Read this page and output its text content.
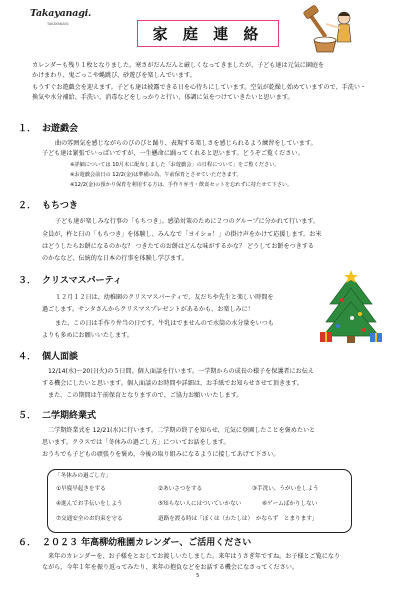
Takayanagi.
TAKAYANAGI
家 庭 連 絡
カレンダーも残り１枚となりました。寒さがだんだんと厳しくなってきましたが、子ども達は元気に園庭を
かけまわり、鬼ごっこや縄跳び、砂遊びを楽しんでいます。
もうすぐお遊戯会を迎えます。子ども達は披露できる日を心待ちにしています。空気が乾燥し始めていますので、手洗い・
換気や水分補給、手洗い、消毒などをしっかりと行い、体調に気をつけていきたいと思います。
１． お遊戯会
曲の雰囲気を感じながらのびのびと踊り、表現する楽しさを感じられるよう練習をしています。
子ども達は緊張でいっぱいですが、一生懸命に踊ってくれると思います。どうぞご覧ください。
※詳細については 10月末に配布しました「お遊戯会」の日程について」をご覧ください。
※お遊戯会前日の 12/2(金)は準備の為、午前保育とさせていただきます。
※12/2(金)の預かり保育を利用する方は、手作り弁当・飲食セットを忘れずに持たせて下さい。
２． もちつき
子ども達が楽しみな行事の「もちつき」。感染対策のために２つのグループに分かれて行います。
全員が、杵と臼の「もちつき」を体験し、みんなで「ヨイショ！」の掛け声をかけて応援します。お米
はどうしたらお餅になるのかな？ つきたてのお餅はどんな味がするかな？ どうしてお餅をつきする
のかななど、伝統的な日本の行事を体験し学びます。
３． クリスマスパーティ
１２月１２日は、幼稚園のクリスマスパーティで、友だちや先生と楽しい時間を
過ごします。サンタさんからクリスマスプレゼントがあるかも、お楽しみに！
また、この日は手作り弁当の日です。牛乳はでませんので水筒の水分量をいつも
よりも多めにお願いいたします。
４． 個人面談
12/14(水)～20日(火)の５日間、個人面談を行います。一学期からの成長の様子を保護者にお伝え
する機会にしたいと思います。個人面談のお時間や詳細は、お手紙でお知らせさせて頂きます。
また、この期間は午前保育となりますので、ご協力お願いいたします。
５． 二学期終業式
二学期終業式を 12/21(水)に行います。二学期の終了を知らせ、元気に登園したことを褒めたいと
思います。クラスでは「冬休みの過ごし方」についてお話をします。
おうちでも子どもの頑張りを褒め、今後の取り組みになるように接してあげて下さい。
「冬休みの過ごし方」
①早寝早起きをする	②あいさつをする	③手洗い、うがいをしよう
④進んでお手伝いをしよう	⑤知らない人にはついていかない	⑥ゲームばかりしない
⑦交通安全のお約束を守る	道路を渡る時は「ぼくは（わたしは）　かならず　とまります」
６． ２０２３ 年高柳幼稚園カレンダー、ご活用ください
来年のカレンダーを、お子様をとおしてお渡しいたしました。来年はうさぎ年ですね。お子様とご覧になり
ながら、今年１年を振り返ってみたり、来年の抱負などをお話する機会になさってください。
5
